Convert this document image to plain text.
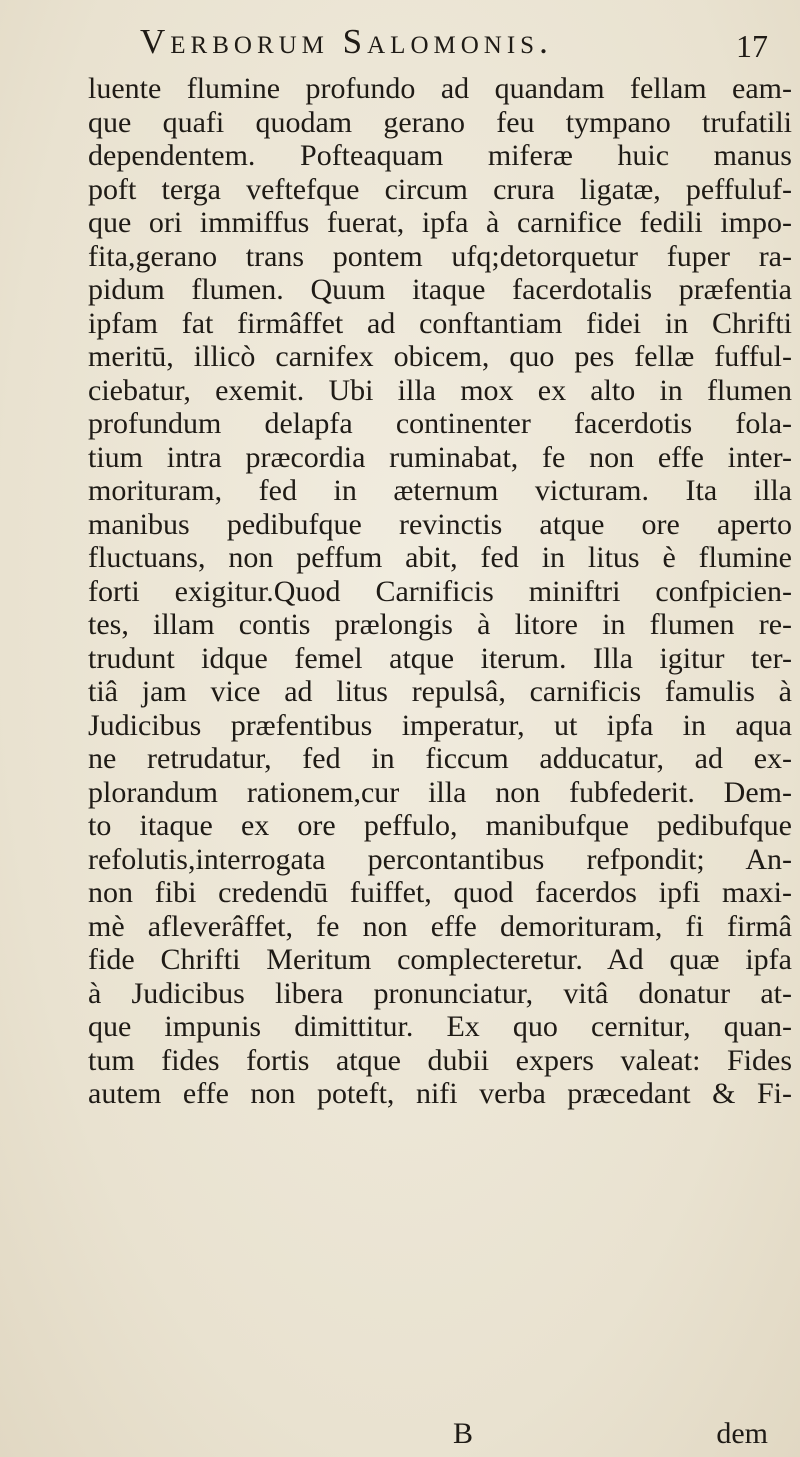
Verborum Salomonis.	17
luente flumine profundo ad quandam fellam eam-
que quafi quodam gerano feu tympano trufatili
dependentem. Pofteaquam miferæ huic manus
poft terga veftefque circum crura ligatæ, peffuluf-
que ori immiffus fuerat, ipfa à carnifice fedili impo-
fita,gerano trans pontem ufq;detorquetur fuper ra-
pidum flumen. Quum itaque facerdotalis præfentia
ipfam fat firmâffet ad conftantiam fidei in Chrifti
meritū, illicò carnifex obicem, quo pes fellæ fufful-
ciebatur, exemit. Ubi illa mox ex alto in flumen
profundum delapfa continenter facerdotis fola-
tium intra præcordia ruminabat, fe non effe inter-
morituram, fed in æternum victuram. Ita illa
manibus pedibufque revinctis atque ore aperto
fluctuans, non peffum abit, fed in litus è flumine
forti exigitur.Quod Carnificis miniftri confpicien-
tes, illam contis prælongis à litore in flumen re-
trudunt idque femel atque iterum. Illa igitur ter-
tiâ jam vice ad litus repulsâ, carnificis famulis à
Judicibus præfentibus imperatur, ut ipfa in aqua
ne retrudatur, fed in ficcum adducatur, ad ex-
plorandum rationem,cur illa non fubfederit. Dem-
to itaque ex ore peffulo, manibufque pedibufque
refolutis,interrogata percontantibus refpondit; An-
non fibi credendū fuiffet, quod facerdos ipfi maxi-
mè afleverâffet, fe non effe demorituram, fi firmâ
fide Chrifti Meritum complecteretur. Ad quæ ipfa
à Judicibus libera pronunciatur, vitâ donatur at-
que impunis dimittitur. Ex quo cernitur, quan-
tum fides fortis atque dubii expers valeat: Fides
autem effe non poteft, nifi verba præcedant & Fi-
B	dem
